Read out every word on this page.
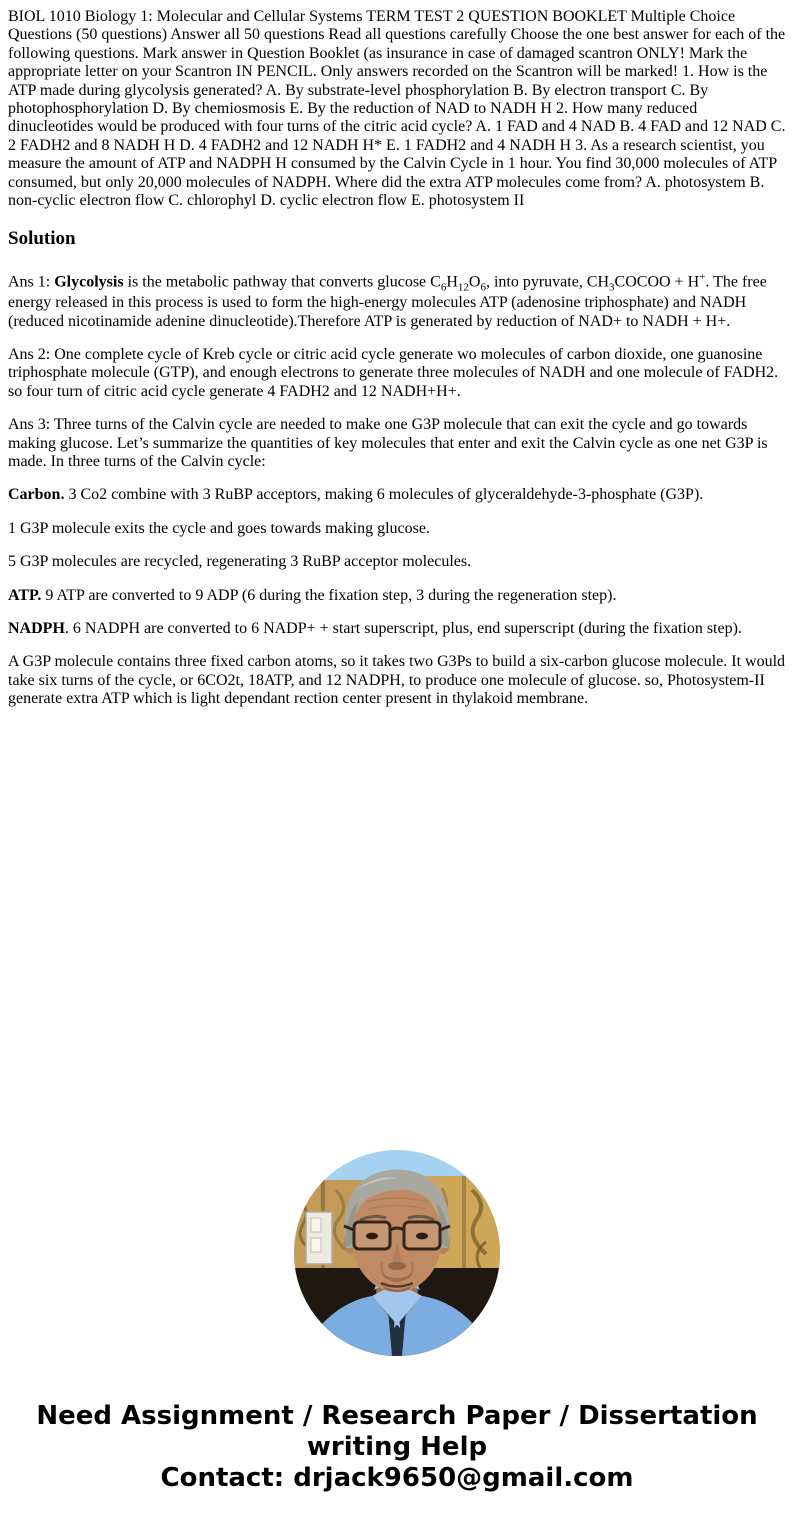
BIOL 1010 Biology 1: Molecular and Cellular Systems TERM TEST 2 QUESTION BOOKLET Multiple Choice Questions (50 questions) Answer all 50 questions Read all questions carefully Choose the one best answer for each of the following questions. Mark answer in Question Booklet (as insurance in case of damaged scantron ONLY! Mark the appropriate letter on your Scantron IN PENCIL. Only answers recorded on the Scantron will be marked! 1. How is the ATP made during glycolysis generated? A. By substrate-level phosphorylation B. By electron transport C. By photophosphorylation D. By chemiosmosis E. By the reduction of NAD to NADH H 2. How many reduced dinucleotides would be produced with four turns of the citric acid cycle? A. 1 FAD and 4 NAD B. 4 FAD and 12 NAD C. 2 FADH2 and 8 NADH H D. 4 FADH2 and 12 NADH H* E. 1 FADH2 and 4 NADH H 3. As a research scientist, you measure the amount of ATP and NADPH H consumed by the Calvin Cycle in 1 hour. You find 30,000 molecules of ATP consumed, but only 20,000 molecules of NADPH. Where did the extra ATP molecules come from? A. photosystem B. non-cyclic electron flow C. chlorophyl D. cyclic electron flow E. photosystem II

Solution

Ans 1: Glycolysis is the metabolic pathway that converts glucose $C_6H_{12}O_6$, into pyruvate, $CH_3COCOO + H^+$. The free energy released in this process is used to form the high-energy molecules ATP (adenosine triphosphate) and NADH (reduced nicotinamide adenine dinucleotide).Therefore ATP is generated by reduction of NAD+ to NADH + H+.

Ans 2: One complete cycle of Kreb cycle or citric acid cycle generate wo molecules of carbon dioxide, one guanosine triphosphate molecule (GTP), and enough electrons to generate three molecules of NADH and one molecule of FADH2. so four turn of citric acid cycle generate 4 FADH2 and 12 NADH+H+.

Ans 3: Three turns of the Calvin cycle are needed to make one G3P molecule that can exit the cycle and go towards making glucose. Let’s summarize the quantities of key molecules that enter and exit the Calvin cycle as one net G3P is made. In three turns of the Calvin cycle:

Carbon. 3 Co2 combine with 3 RuBP acceptors, making 6 molecules of glyceraldehyde-3-phosphate (G3P).

1 G3P molecule exits the cycle and goes towards making glucose.

5 G3P molecules are recycled, regenerating 3 RuBP acceptor molecules.

ATP. 9 ATP are converted to 9 ADP (6 during the fixation step, 3 during the regeneration step).

NADPH. 6 NADPH are converted to 6 NADP+ + start superscript, plus, end superscript (during the fixation step).

A G3P molecule contains three fixed carbon atoms, so it takes two G3Ps to build a six-carbon glucose molecule. It would take six turns of the cycle, or 6CO2t, 18ATP, and 12 NADPH, to produce one molecule of glucose. so, Photosystem-II generate extra ATP which is light dependant rection center present in thylakoid membrane.

Need Assignment / Research Paper / Dissertation
writing Help
Contact: drjack9650@gmail.com
